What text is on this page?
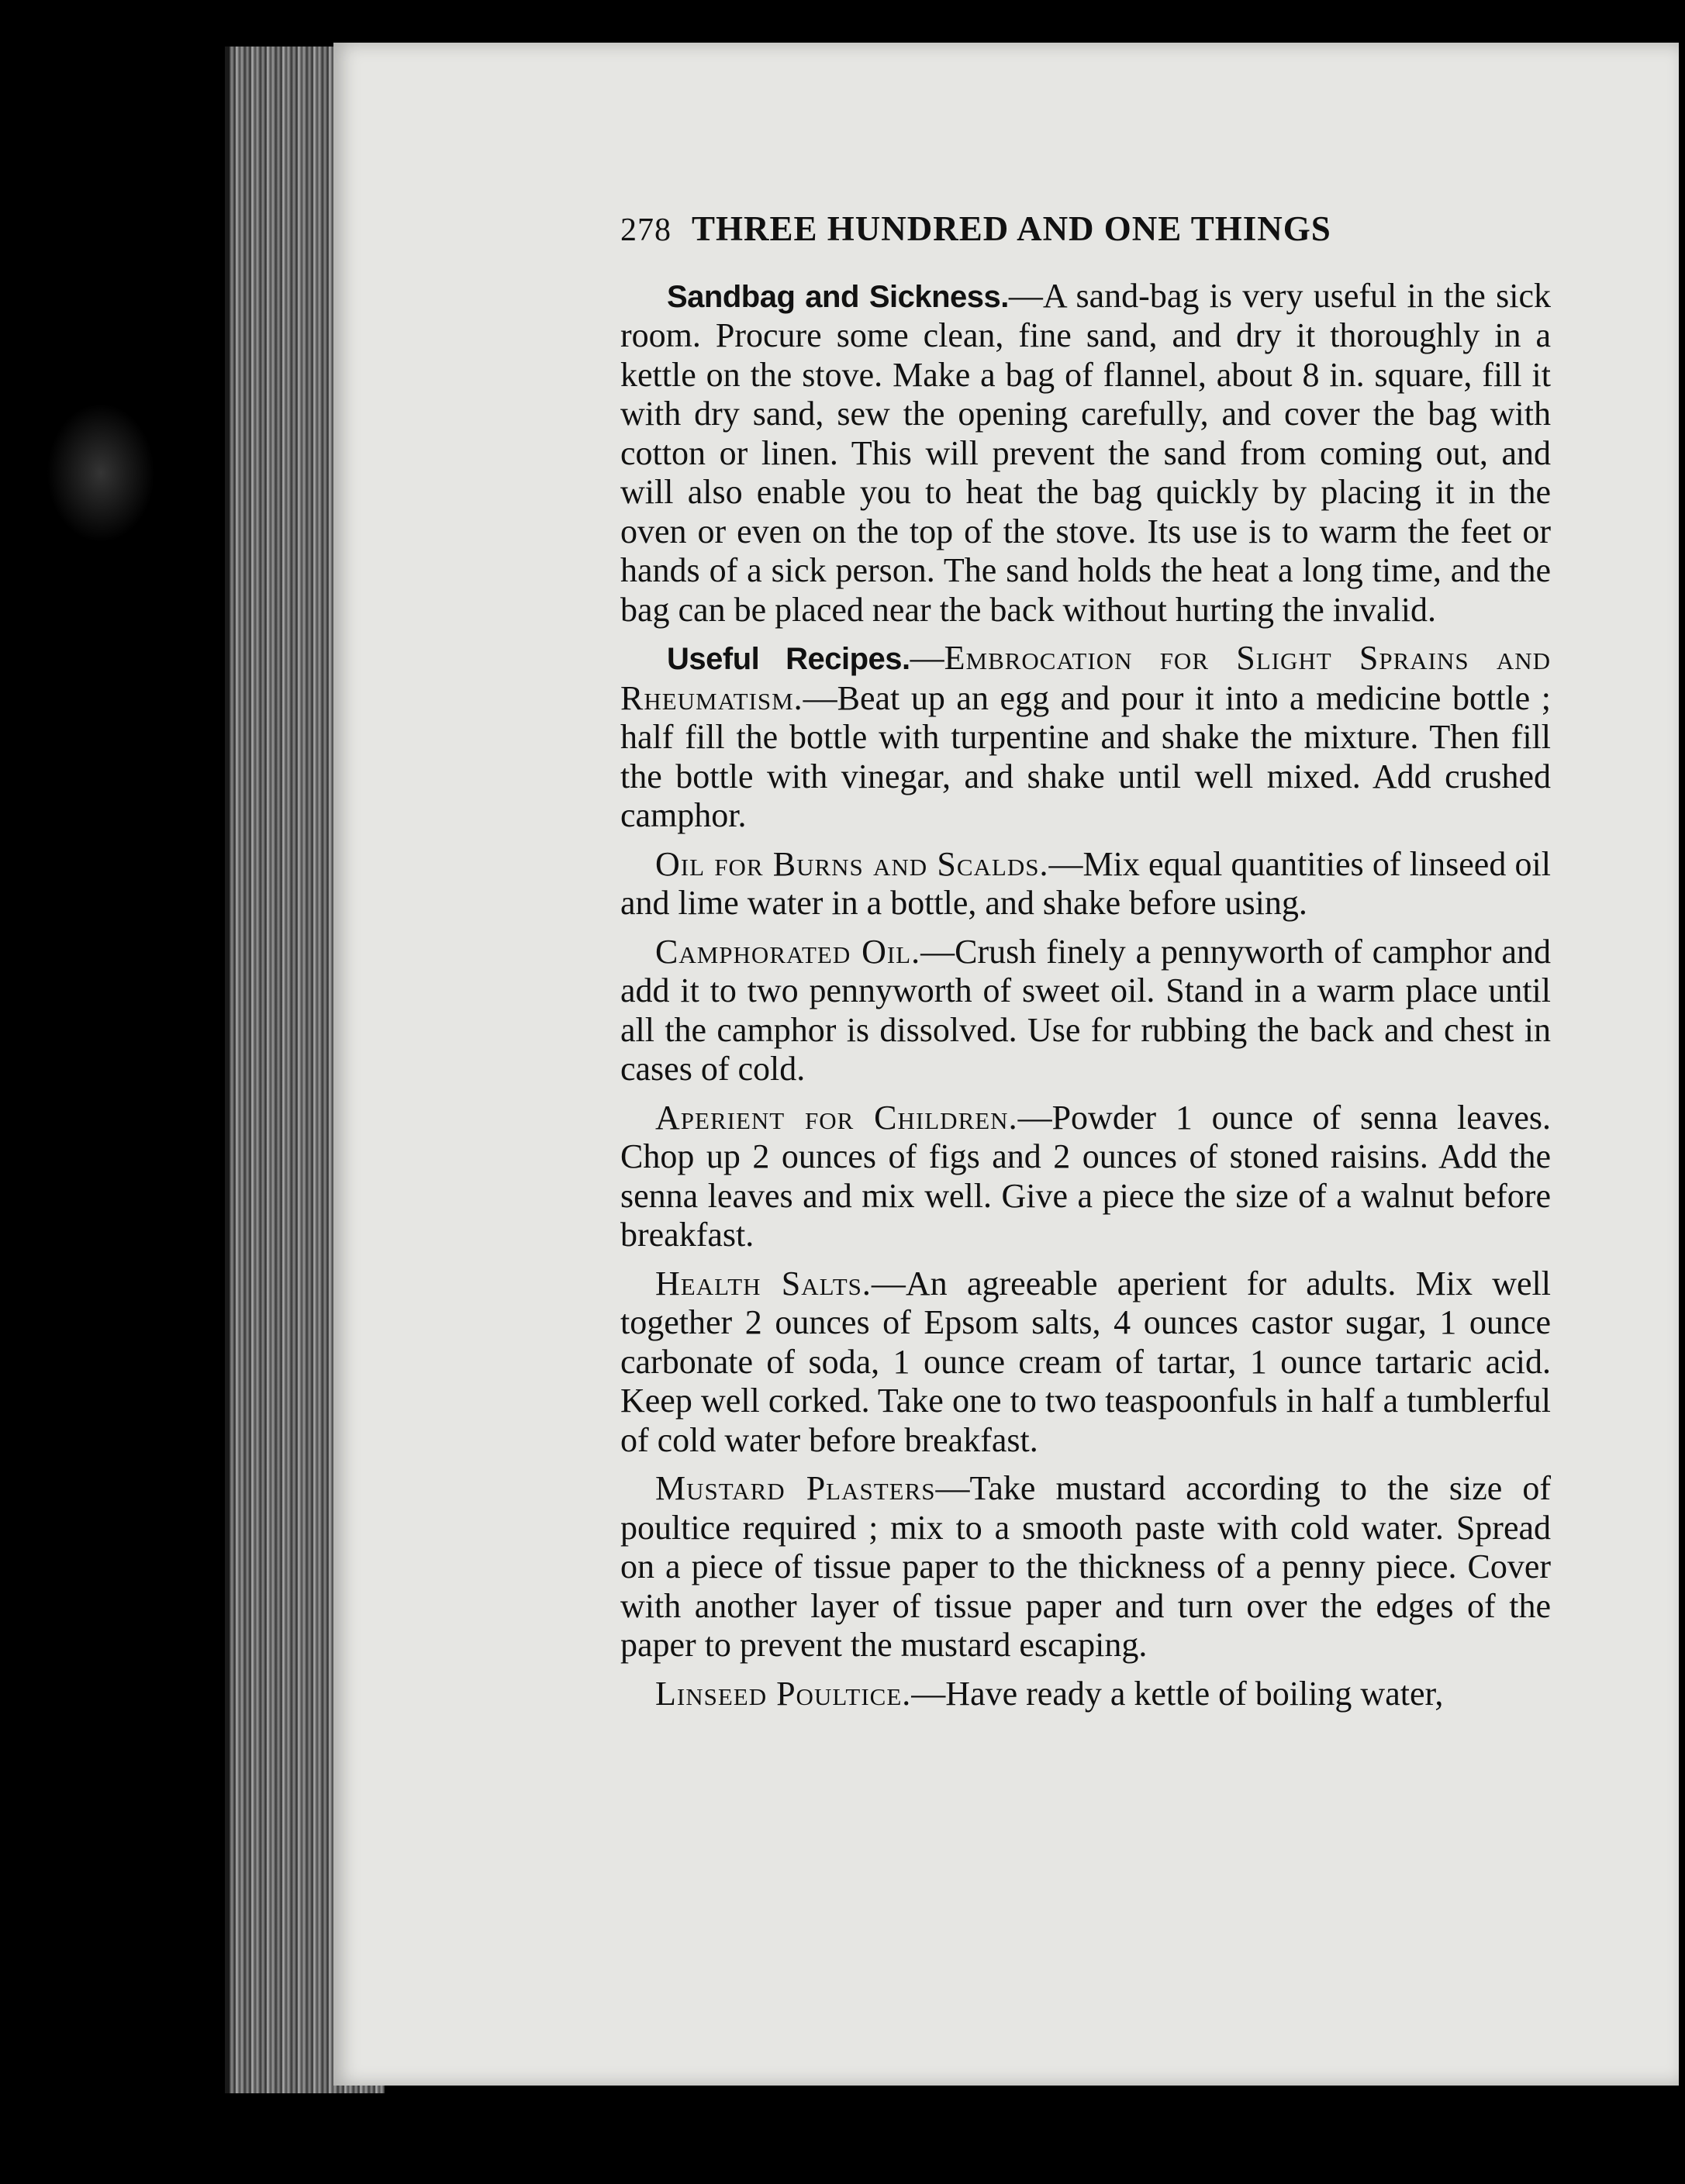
278 THREE HUNDRED AND ONE THINGS

Sandbag and Sickness.—A sand-bag is very useful in the sick room. Procure some clean, fine sand, and dry it thoroughly in a kettle on the stove. Make a bag of flannel, about 8 in. square, fill it with dry sand, sew the opening carefully, and cover the bag with cotton or linen. This will prevent the sand from coming out, and will also enable you to heat the bag quickly by placing it in the oven or even on the top of the stove. Its use is to warm the feet or hands of a sick person. The sand holds the heat a long time, and the bag can be placed near the back without hurting the invalid.

Useful Recipes.—Embrocation for Slight Sprains and Rheumatism.—Beat up an egg and pour it into a medicine bottle ; half fill the bottle with turpentine and shake the mixture. Then fill the bottle with vinegar, and shake until well mixed. Add crushed camphor.

Oil for Burns and Scalds.—Mix equal quantities of linseed oil and lime water in a bottle, and shake before using.

Camphorated Oil.—Crush finely a pennyworth of camphor and add it to two pennyworth of sweet oil. Stand in a warm place until all the camphor is dissolved. Use for rubbing the back and chest in cases of cold.

Aperient for Children.—Powder 1 ounce of senna leaves. Chop up 2 ounces of figs and 2 ounces of stoned raisins. Add the senna leaves and mix well. Give a piece the size of a walnut before breakfast.

Health Salts.—An agreeable aperient for adults. Mix well together 2 ounces of Epsom salts, 4 ounces castor sugar, 1 ounce carbonate of soda, 1 ounce cream of tartar, 1 ounce tartaric acid. Keep well corked. Take one to two teaspoonfuls in half a tumblerful of cold water before breakfast.

Mustard Plasters—Take mustard according to the size of poultice required ; mix to a smooth paste with cold water. Spread on a piece of tissue paper to the thickness of a penny piece. Cover with another layer of tissue paper and turn over the edges of the paper to prevent the mustard escaping.

Linseed Poultice.—Have ready a kettle of boiling water,
